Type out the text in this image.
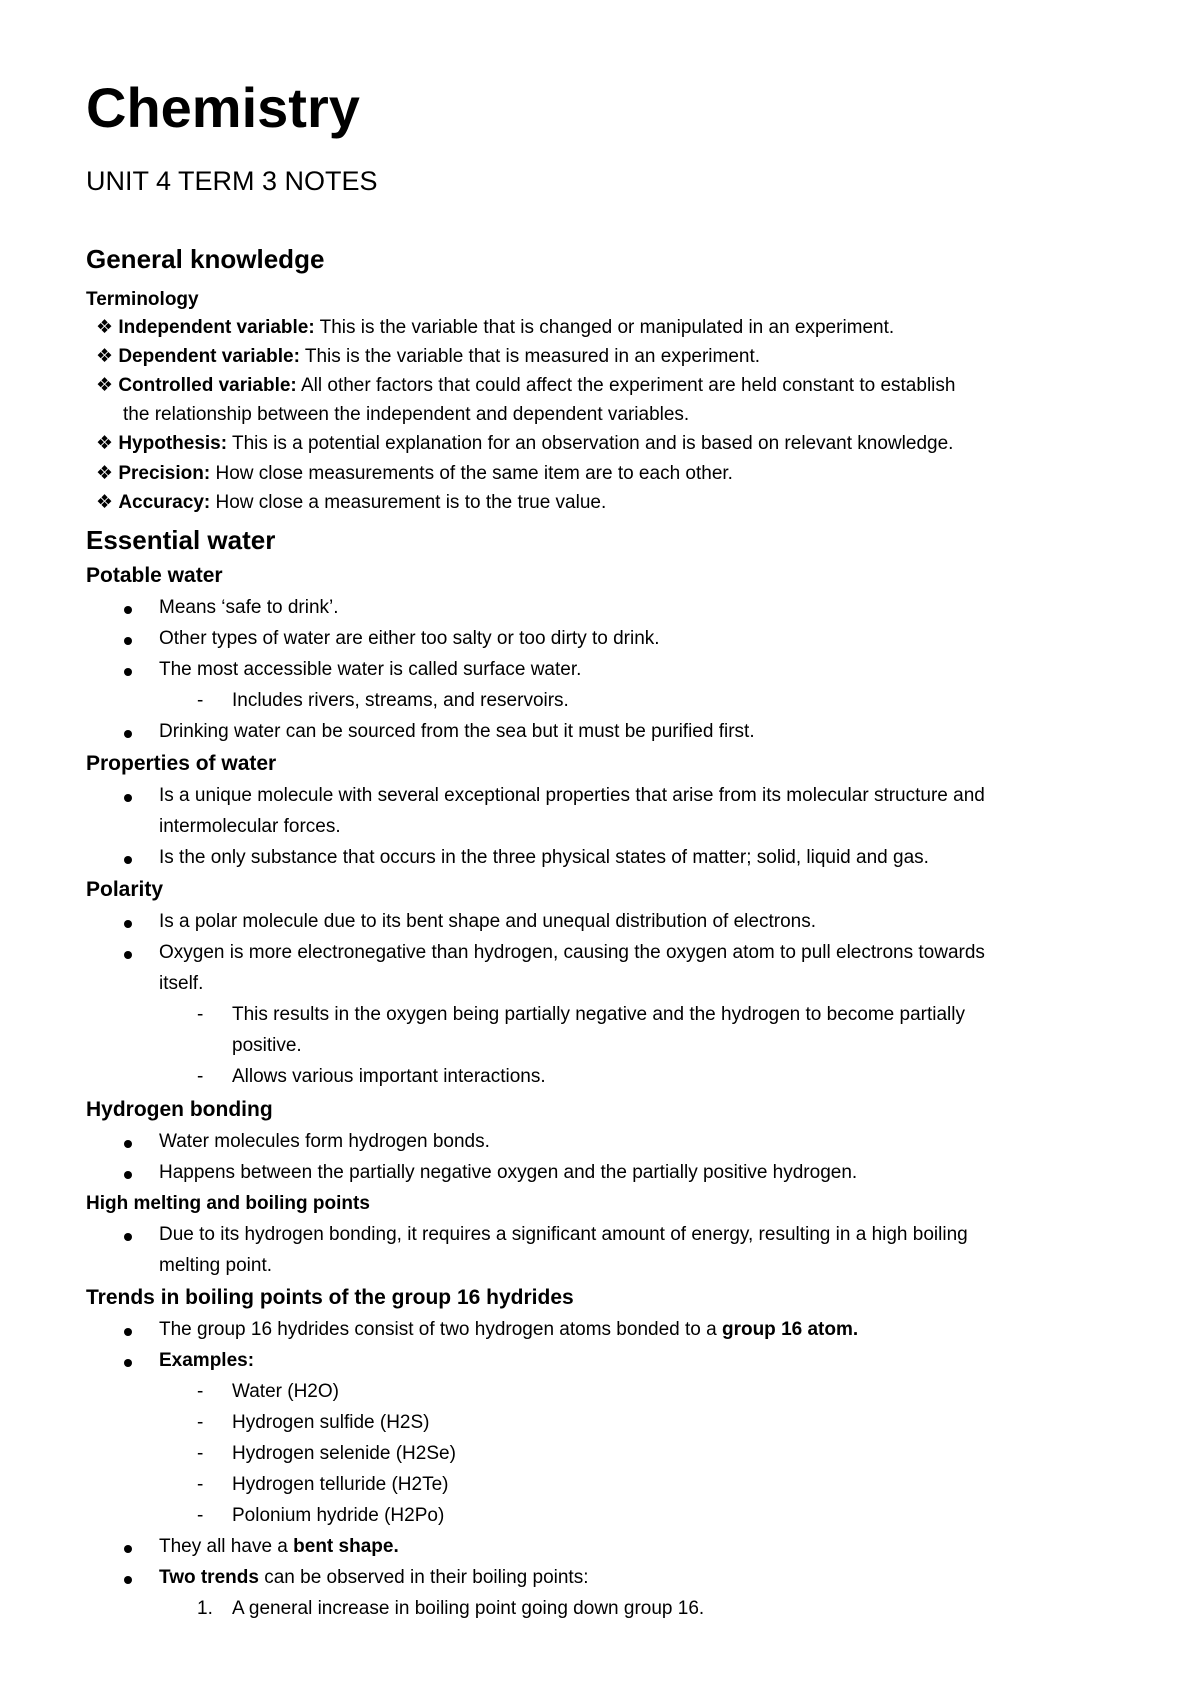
Chemistry
UNIT 4 TERM 3 NOTES
General knowledge
Terminology
❖ Independent variable: This is the variable that is changed or manipulated in an experiment.
❖ Dependent variable: This is the variable that is measured in an experiment.
❖ Controlled variable: All other factors that could affect the experiment are held constant to establish
the relationship between the independent and dependent variables.
❖ Hypothesis: This is a potential explanation for an observation and is based on relevant knowledge.
❖ Precision: How close measurements of the same item are to each other.
❖ Accuracy: How close a measurement is to the true value.
Essential water
Potable water
Means ‘safe to drink’.
Other types of water are either too salty or too dirty to drink.
The most accessible water is called surface water.
- Includes rivers, streams, and reservoirs.
Drinking water can be sourced from the sea but it must be purified first.
Properties of water
Is a unique molecule with several exceptional properties that arise from its molecular structure and
intermolecular forces.
Is the only substance that occurs in the three physical states of matter; solid, liquid and gas.
Polarity
Is a polar molecule due to its bent shape and unequal distribution of electrons.
Oxygen is more electronegative than hydrogen, causing the oxygen atom to pull electrons towards
itself.
- This results in the oxygen being partially negative and the hydrogen to become partially
positive.
- Allows various important interactions.
Hydrogen bonding
Water molecules form hydrogen bonds.
Happens between the partially negative oxygen and the partially positive hydrogen.
High melting and boiling points
Due to its hydrogen bonding, it requires a significant amount of energy, resulting in a high boiling
melting point.
Trends in boiling points of the group 16 hydrides
The group 16 hydrides consist of two hydrogen atoms bonded to a group 16 atom.
Examples:
- Water (H2O)
- Hydrogen sulfide (H2S)
- Hydrogen selenide (H2Se)
- Hydrogen telluride (H2Te)
- Polonium hydride (H2Po)
They all have a bent shape.
Two trends can be observed in their boiling points:
1. A general increase in boiling point going down group 16.
